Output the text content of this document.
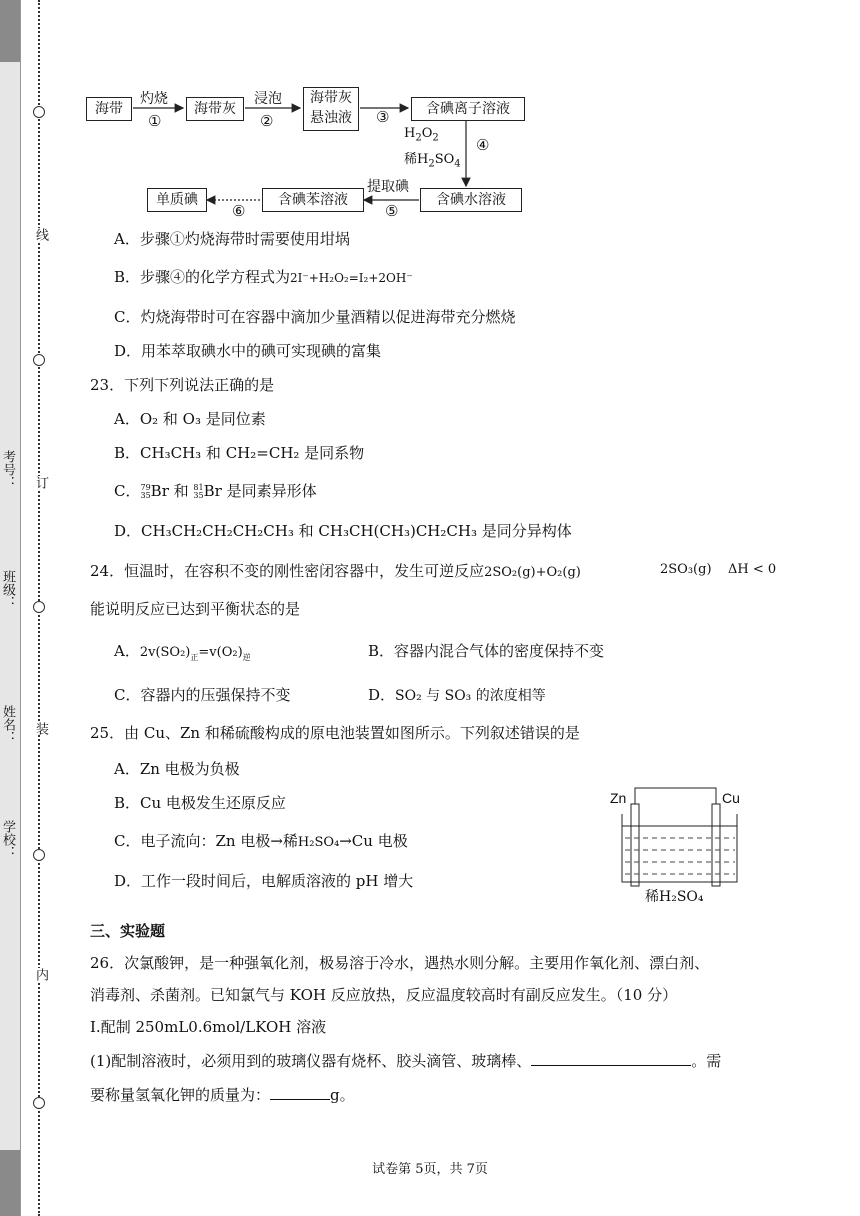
学校：
姓名：
班级：
考号：
线
订
装
内
海带	海带灰
海带灰
悬浊液
含碘离子溶液
含碘水溶液
含碘苯溶液
单质碘
灼烧
①
浸泡
②	③
④
$H_2O_2$
稀$H_2SO_4$
提取碘
⑤
⑥
A．步骤①灼烧海带时需要使用坩埚
B．步骤④的化学方程式为2I⁻+H₂O₂=I₂+2OH⁻
C．灼烧海带时可在容器中滴加少量酒精以促进海带充分燃烧
D．用苯萃取碘水中的碘可实现碘的富集
23．下列下列说法正确的是
A．O₂ 和 O₃ 是同位素
B．CH₃CH₃ 和 CH₂=CH₂ 是同系物
C．79
35Br 和 81
35Br 是同素异形体
D．CH₃CH₂CH₂CH₂CH₃ 和 CH₃CH(CH₃)CH₂CH₃ 是同分异构体
24．恒温时，在容积不变的刚性密闭容器中，发生可逆反应2SO₂(g)+O₂(g)	2SO₃(g) ΔH < 0
能说明反应已达到平衡状态的是
A．$2v(SO_2)_正=v(O_2)_逆$	B．容器内混合气体的密度保持不变
C．容器内的压强保持不变	D．SO₂ 与 SO₃ 的浓度相等
25．由 Cu、Zn 和稀硫酸构成的原电池装置如图所示。下列叙述错误的是
A．Zn 电极为负极
B．Cu 电极发生还原反应
C．电子流向：Zn 电极→稀H₂SO₄→Cu 电极
D．工作一段时间后，电解质溶液的 pH 增大
Zn	Cu
稀H₂SO₄
三、实验题
26．次氯酸钾，是一种强氧化剂，极易溶于冷水，遇热水则分解。主要用作氧化剂、漂白剂、
消毒剂、杀菌剂。已知氯气与 KOH 反应放热，反应温度较高时有副反应发生。（10 分）
I.配制 250mL0.6mol/LKOH 溶液
(1)配制溶液时，必须用到的玻璃仪器有烧杯、胶头滴管、玻璃棒、	。需
要称量氢氧化钾的质量为：	g。
试卷第 5页，共 7页
